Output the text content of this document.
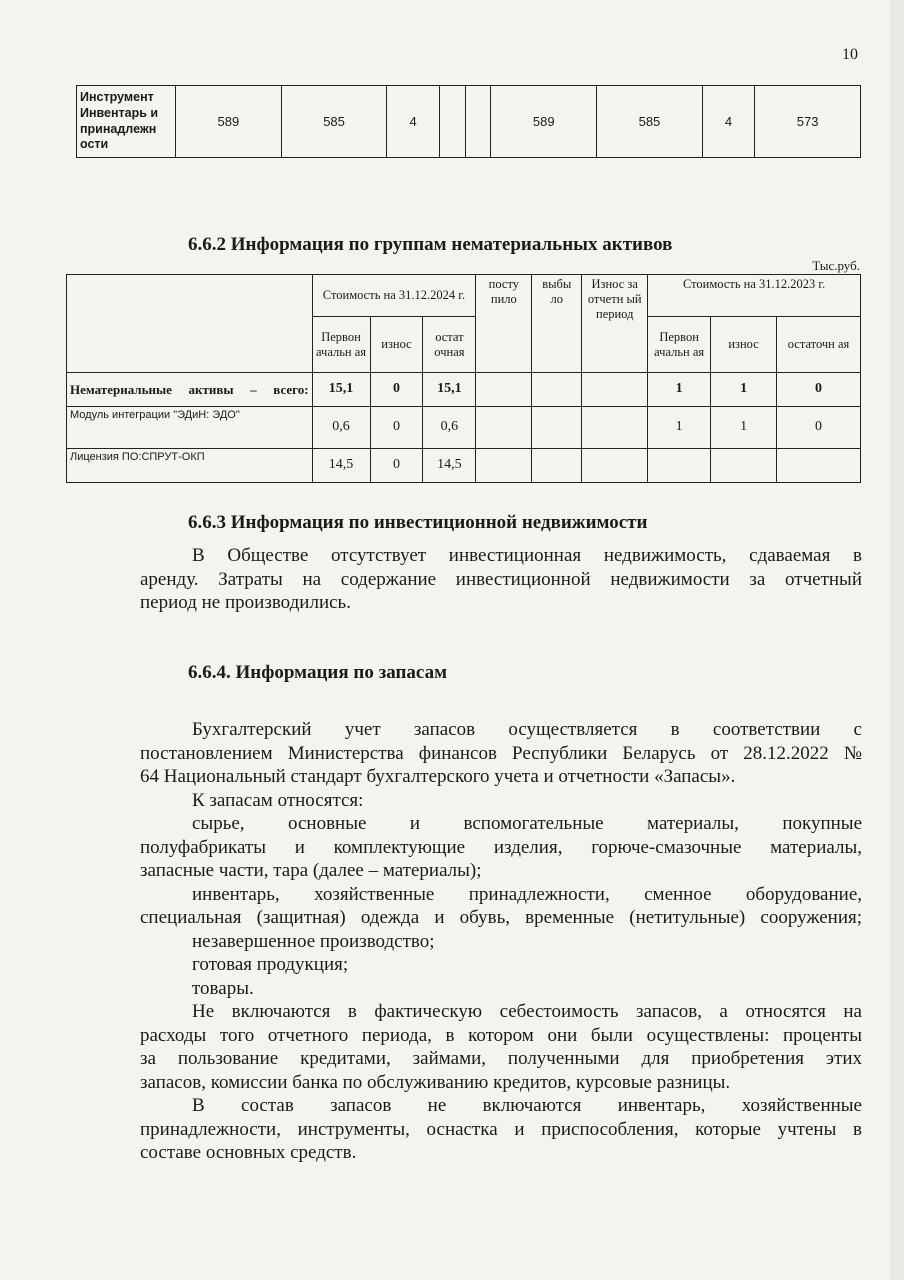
10
Инструмент Инвентарь и принадлежн ости	589	585	4			589	585	4	573
6.6.2 Информация по группам нематериальных активов
Тыс.руб.
	Стоимость на 31.12.2024 г.			посту пило	выбы ло	Износ за отчетн ый период	Стоимость на 31.12.2023 г.		
	Первон ачальн ая	износ	остат очная				Первон ачальн ая	износ	остаточн ая
Нематериальные активы – всего:	15,1	0	15,1				1	1	0
Модуль интеграции "ЭДиН: ЭДО"	0,6	0	0,6				1	1	0
Лицензия ПО:СПРУТ-ОКП	14,5	0	14,5						
6.6.3 Информация по инвестиционной недвижимости

В Обществе отсутствует инвестиционная недвижимость, сдаваемая в

аренду. Затраты на содержание инвестиционной недвижимости за отчетный

период не производились.

6.6.4. Информация по запасам

Бухгалтерский учет запасов осуществляется в соответствии с

постановлением Министерства финансов Республики Беларусь от 28.12.2022 №

64 Национальный стандарт бухгалтерского учета и отчетности «Запасы».

К запасам относятся:

сырье, основные и вспомогательные материалы, покупные

полуфабрикаты и комплектующие изделия, горюче-смазочные материалы,

запасные части, тара (далее – материалы);

инвентарь, хозяйственные принадлежности, сменное оборудование,

специальная (защитная) одежда и обувь, временные (нетитульные) сооружения;

незавершенное производство;

готовая продукция;

товары.

Не включаются в фактическую себестоимость запасов, а относятся на

расходы того отчетного периода, в котором они были осуществлены: проценты

за пользование кредитами, займами, полученными для приобретения этих

запасов, комиссии банка по обслуживанию кредитов, курсовые разницы.

В состав запасов не включаются инвентарь, хозяйственные

принадлежности, инструменты, оснастка и приспособления, которые учтены в

составе основных средств.
